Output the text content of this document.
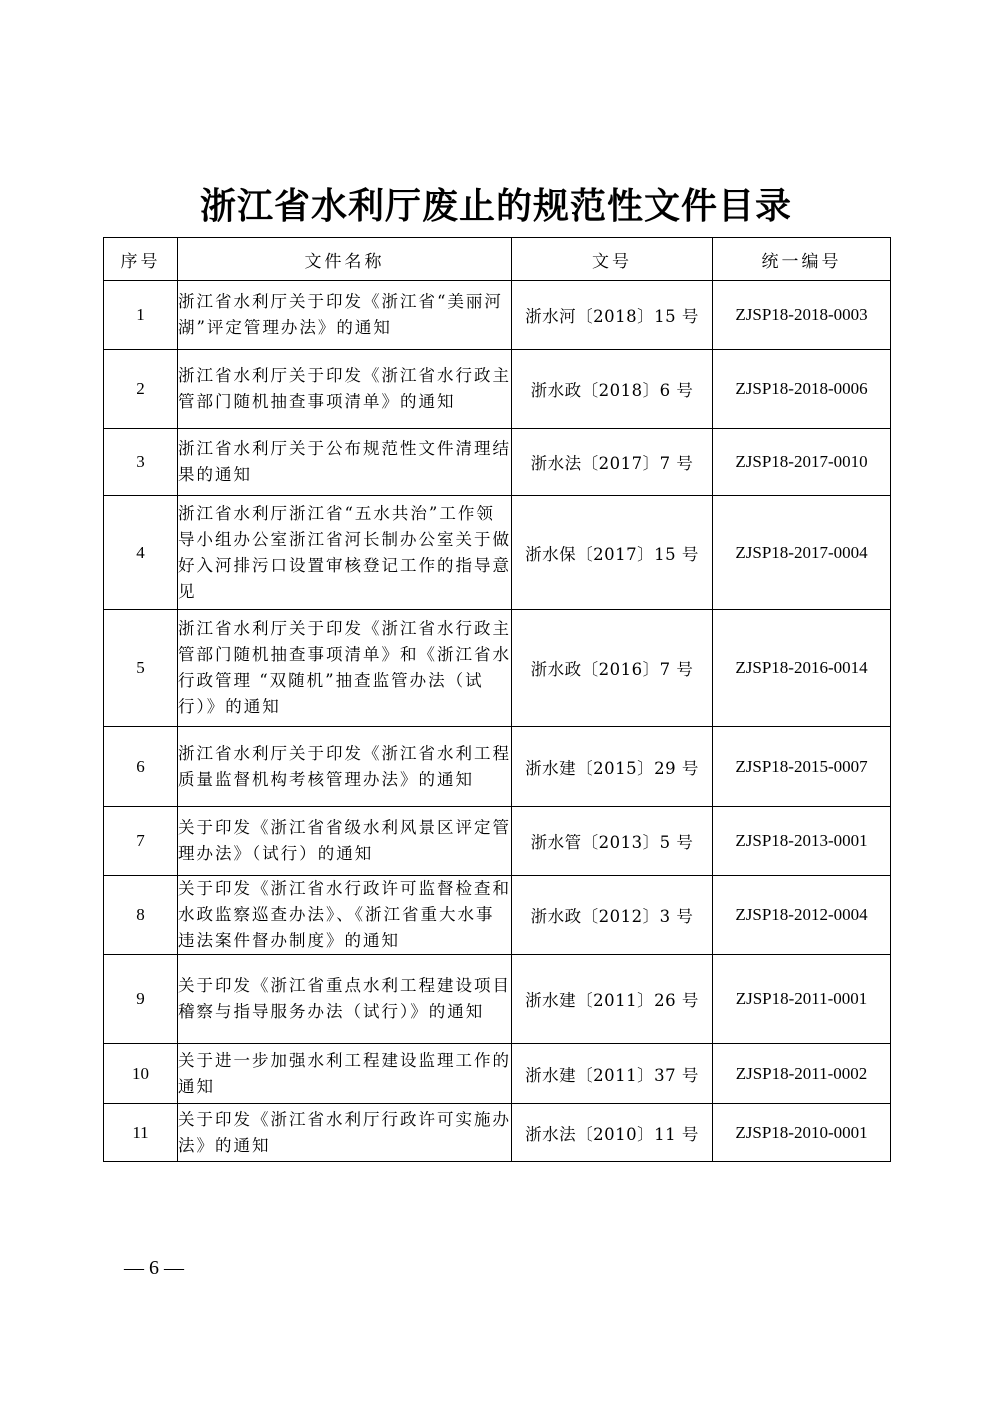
浙江省水利厅废止的规范性文件目录
序号	文件名称	文号	统一编号
1	浙江省水利厅关于印发《浙江省“美丽河湖”评定管理办法》的通知	浙水河〔2018〕15 号	ZJSP18-2018-0003
2	浙江省水利厅关于印发《浙江省水行政主管部门随机抽查事项清单》的通知	浙水政〔2018〕6 号	ZJSP18-2018-0006
3	浙江省水利厅关于公布规范性文件清理结果的通知	浙水法〔2017〕7 号	ZJSP18-2017-0010
4	浙江省水利厅浙江省“五水共治”工作领导小组办公室浙江省河长制办公室关于做好入河排污口设置审核登记工作的指导意见	浙水保〔2017〕15 号	ZJSP18-2017-0004
5	浙江省水利厅关于印发《浙江省水行政主管部门随机抽查事项清单》和《浙江省水行政管理 “双随机”抽查监管办法（试行）》的通知	浙水政〔2016〕7 号	ZJSP18-2016-0014
6	浙江省水利厅关于印发《浙江省水利工程质量监督机构考核管理办法》的通知	浙水建〔2015〕29 号	ZJSP18-2015-0007
7	关于印发《浙江省省级水利风景区评定管理办法》（试行）的通知	浙水管〔2013〕5 号	ZJSP18-2013-0001
8	关于印发《浙江省水行政许可监督检查和水政监察巡查办法》、《浙江省重大水事违法案件督办制度》的通知	浙水政〔2012〕3 号	ZJSP18-2012-0004
9	关于印发《浙江省重点水利工程建设项目稽察与指导服务办法（试行）》的通知	浙水建〔2011〕26 号	ZJSP18-2011-0001
10	关于进一步加强水利工程建设监理工作的通知	浙水建〔2011〕37 号	ZJSP18-2011-0002
11	关于印发《浙江省水利厅行政许可实施办法》的通知	浙水法〔2010〕11 号	ZJSP18-2010-0001
— 6 —
